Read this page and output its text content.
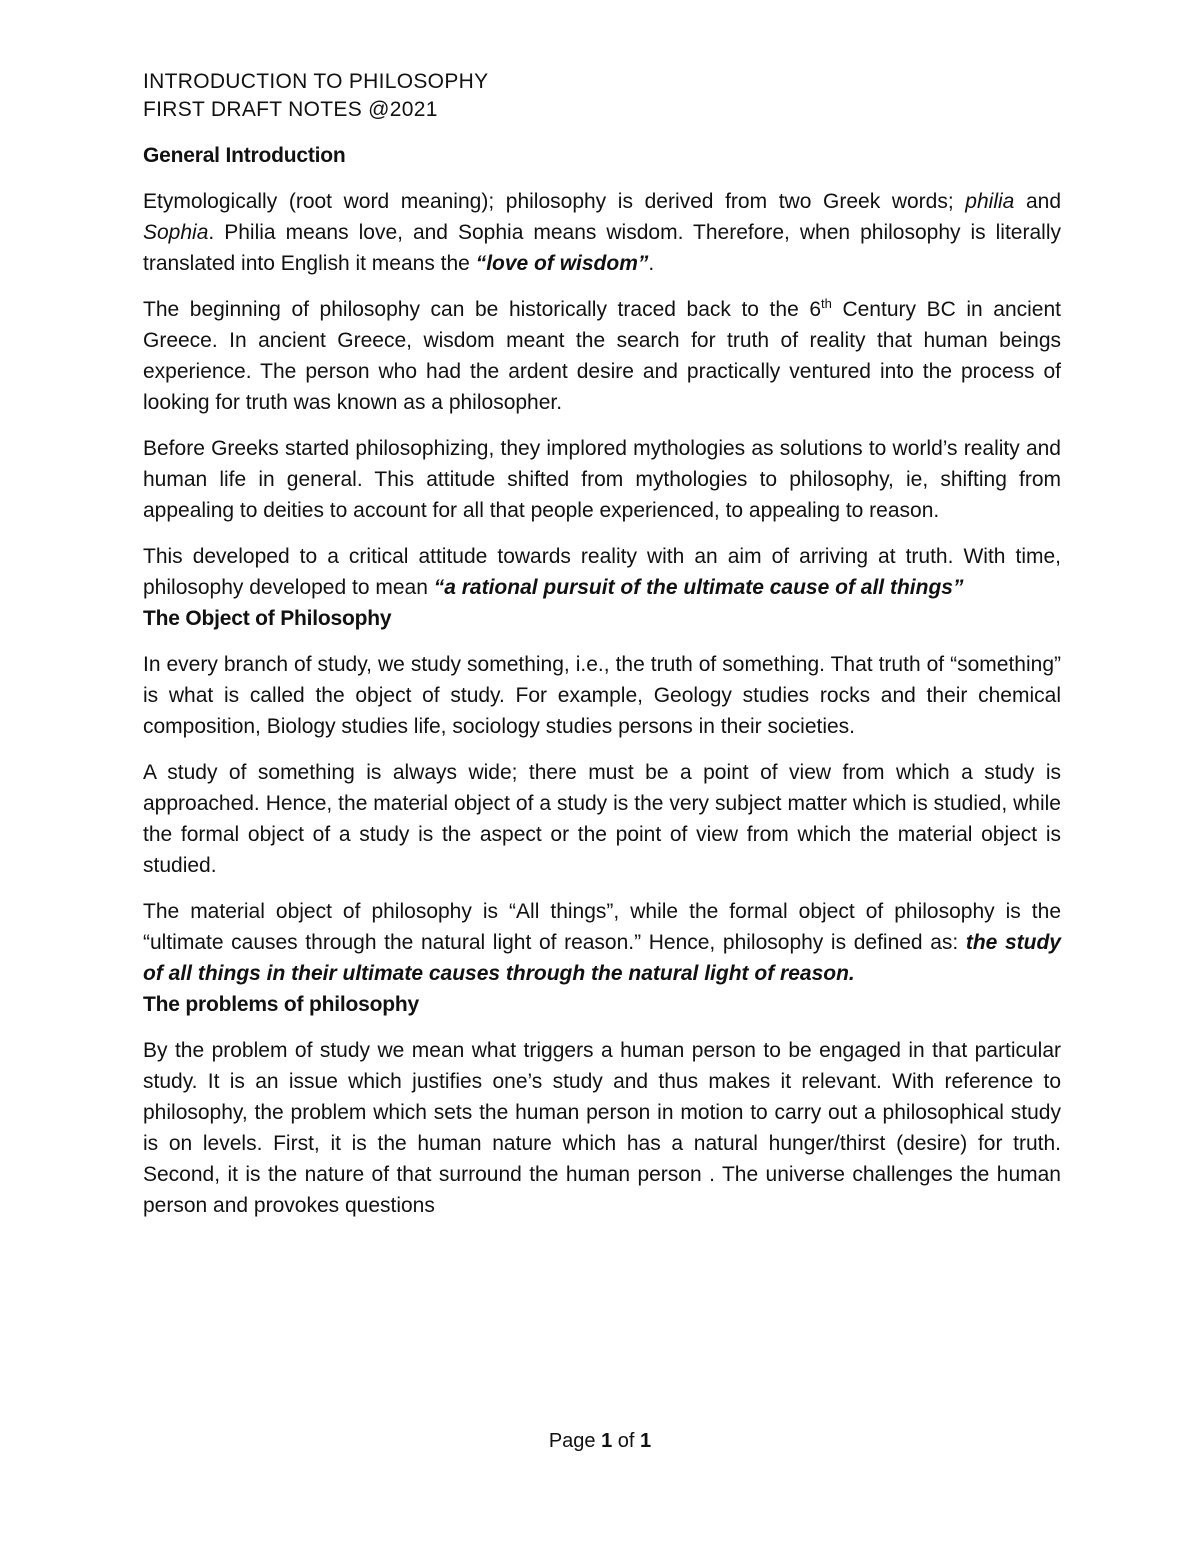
INTRODUCTION TO PHILOSOPHY
FIRST DRAFT NOTES @2021
General Introduction

Etymologically (root word meaning); philosophy is derived from two Greek words; philia and Sophia. Philia means love, and Sophia means wisdom. Therefore, when philosophy is literally translated into English it means the “love of wisdom”.

The beginning of philosophy can be historically traced back to the 6th Century BC in ancient Greece. In ancient Greece, wisdom meant the search for truth of reality that human beings experience. The person who had the ardent desire and practically ventured into the process of looking for truth was known as a philosopher.

Before Greeks started philosophizing, they implored mythologies as solutions to world’s reality and human life in general. This attitude shifted from mythologies to philosophy, ie, shifting from appealing to deities to account for all that people experienced, to appealing to reason.

This developed to a critical attitude towards reality with an aim of arriving at truth. With time, philosophy developed to mean “a rational pursuit of the ultimate cause of all things”

The Object of Philosophy

In every branch of study, we study something, i.e., the truth of something. That truth of “something” is what is called the object of study. For example, Geology studies rocks and their chemical composition, Biology studies life, sociology studies persons in their societies.

A study of something is always wide; there must be a point of view from which a study is approached. Hence, the material object of a study is the very subject matter which is studied, while the formal object of a study is the aspect or the point of view from which the material object is studied.

The material object of philosophy is “All things”, while the formal object of philosophy is the “ultimate causes through the natural light of reason.” Hence, philosophy is defined as: the study of all things in their ultimate causes through the natural light of reason.

The problems of philosophy

By the problem of study we mean what triggers a human person to be engaged in that particular study. It is an issue which justifies one’s study and thus makes it relevant. With reference to philosophy, the problem which sets the human person in motion to carry out a philosophical study is on levels. First, it is the human nature which has a natural hunger/thirst (desire) for truth. Second, it is the nature of that surround the human person . The universe challenges the human person and provokes questions

Page 1 of 1
